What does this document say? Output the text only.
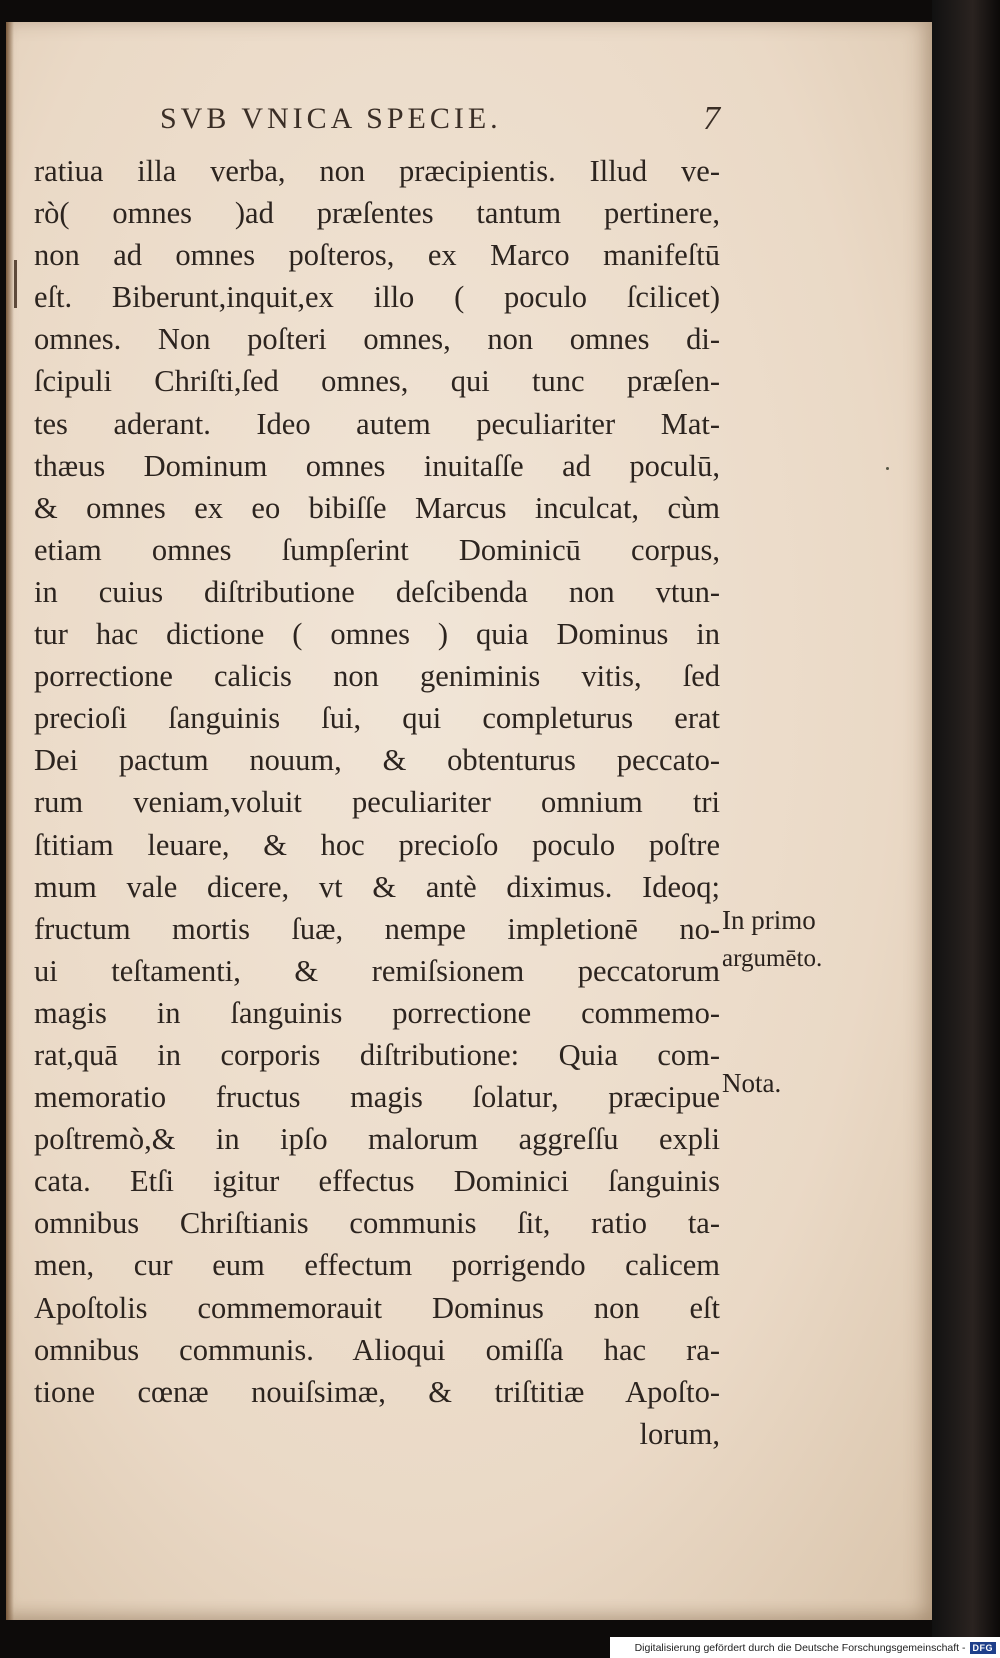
SVB VNICA SPECIE.	7
ratiua illa verba, non præcipientis. Illud ve-
rò( omnes )ad præſentes tantum pertinere,
non ad omnes poſteros, ex Marco manifeſtū
eſt. Biberunt,inquit,ex illo ( poculo ſcilicet)
omnes. Non poſteri omnes, non omnes di-
ſcipuli Chriſti,ſed omnes, qui tunc præſen-
tes aderant. Ideo autem peculiariter Mat-
thæus Dominum omnes inuitaſſe ad poculū,
& omnes ex eo bibiſſe Marcus inculcat, cùm
etiam omnes ſumpſerint Dominicū corpus,
in cuius diſtributione deſcibenda non vtun-
tur hac dictione ( omnes ) quia Dominus in
porrectione calicis non geniminis vitis, ſed
precioſi ſanguinis ſui, qui completurus erat
Dei pactum nouum, & obtenturus peccato-
rum veniam,voluit peculiariter omnium tri
ſtitiam leuare, & hoc precioſo poculo poſtre
mum vale dicere, vt & antè diximus. Ideoq;
fructum mortis ſuæ, nempe impletionē no-
ui teſtamenti, & remiſsionem peccatorum
magis in ſanguinis porrectione commemo-
rat,quā in corporis diſtributione: Quia com-
memoratio fructus magis ſolatur, præcipue
poſtremò,& in ipſo malorum aggreſſu expli
cata. Etſi igitur effectus Dominici ſanguinis
omnibus Chriſtianis communis ſit, ratio ta-
men, cur eum effectum porrigendo calicem
Apoſtolis commemorauit Dominus non eſt
omnibus communis. Alioqui omiſſa hac ra-
tione cœnæ nouiſsimæ, & triſtitiæ Apoſto-
lorum,
In primo
argumēto.
Nota.
Digitalisierung gefördert durch die Deutsche Forschungsgemeinschaft - DFG
